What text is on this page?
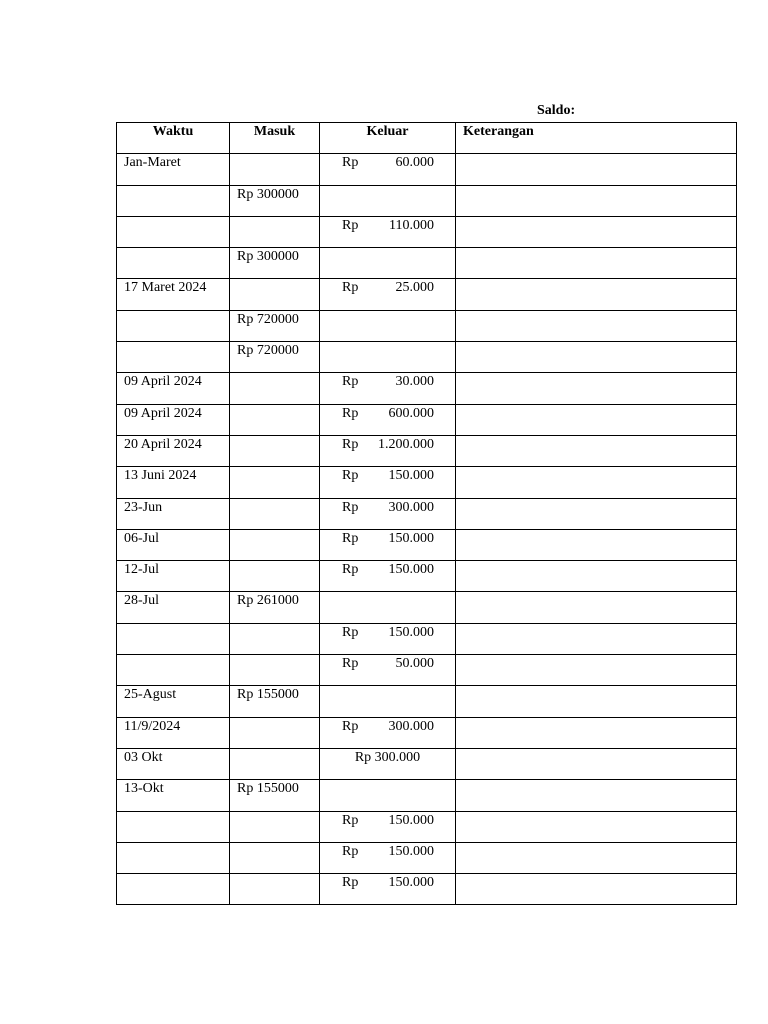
Saldo:
Waktu	Masuk	Keluar	Keterangan
Jan-Maret		Rp 60.000	

	Rp 300000		

		Rp 110.000	

	Rp 300000		
17 Maret 2024		Rp 25.000	

	Rp 720000		
	Rp 720000		
09 April 2024		Rp 30.000	

09 April 2024		Rp 600.000	

20 April 2024		Rp 1.200.000	

13 Juni 2024		Rp 150.000	

23-Jun		Rp 300.000	

06-Jul		Rp 150.000	

12-Jul		Rp 150.000	

28-Jul	Rp 261000		

		Rp 150.000	

		Rp 50.000	

25-Agust	Rp 155000		
11/9/2024		Rp 300.000	

03 Okt		Rp 300.000	

13-Okt	Rp 155000		

		Rp 150.000	

		Rp 150.000	

		Rp 150.000	
